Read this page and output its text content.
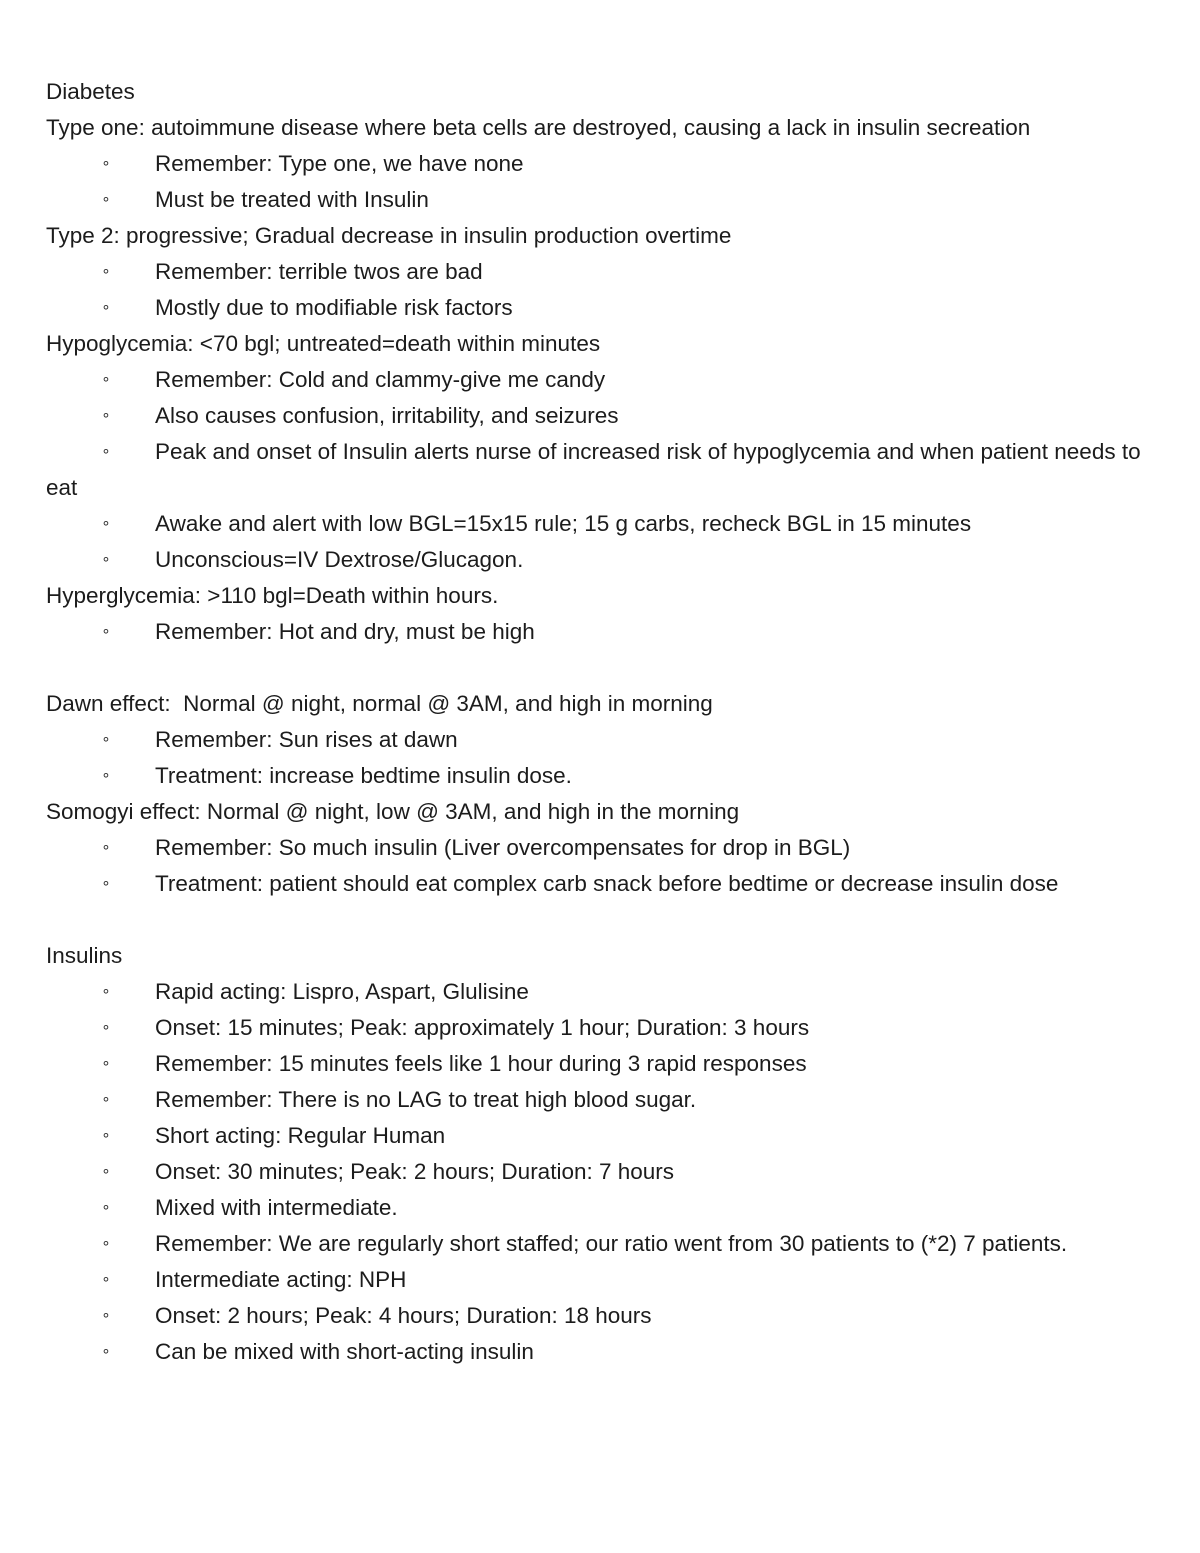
Diabetes
Type one: autoimmune disease where beta cells are destroyed, causing a lack in insulin secreation
∘ Remember: Type one, we have none
∘ Must be treated with Insulin
Type 2: progressive; Gradual decrease in insulin production overtime
∘ Remember: terrible twos are bad
∘ Mostly due to modifiable risk factors
Hypoglycemia: <70 bgl; untreated=death within minutes
∘ Remember: Cold and clammy-give me candy
∘ Also causes confusion, irritability, and seizures
∘	Peak and onset of Insulin alerts nurse of increased risk of hypoglycemia and when patient needs to eat
∘ Awake and alert with low BGL=15x15 rule; 15 g carbs, recheck BGL in 15 minutes
∘ Unconscious=IV Dextrose/Glucagon.
Hyperglycemia: >110 bgl=Death within hours.
∘ Remember: Hot and dry, must be high
Dawn effect:  Normal @ night, normal @ 3AM, and high in morning
∘ Remember: Sun rises at dawn
∘ Treatment: increase bedtime insulin dose.
Somogyi effect: Normal @ night, low @ 3AM, and high in the morning
∘ Remember: So much insulin (Liver overcompensates for drop in BGL)
∘	Treatment: patient should eat complex carb snack before bedtime or decrease insulin dose
Insulins
∘ Rapid acting: Lispro, Aspart, Glulisine
∘ Onset: 15 minutes; Peak: approximately 1 hour; Duration: 3 hours
∘ Remember: 15 minutes feels like 1 hour during 3 rapid responses
∘ Remember: There is no LAG to treat high blood sugar.
∘ Short acting: Regular Human
∘ Onset: 30 minutes; Peak: 2 hours; Duration: 7 hours
∘ Mixed with intermediate.
∘	Remember: We are regularly short staffed; our ratio went from 30 patients to (*2) 7 patients.
∘ Intermediate acting: NPH
∘ Onset: 2 hours; Peak: 4 hours; Duration: 18 hours
∘ Can be mixed with short-acting insulin
